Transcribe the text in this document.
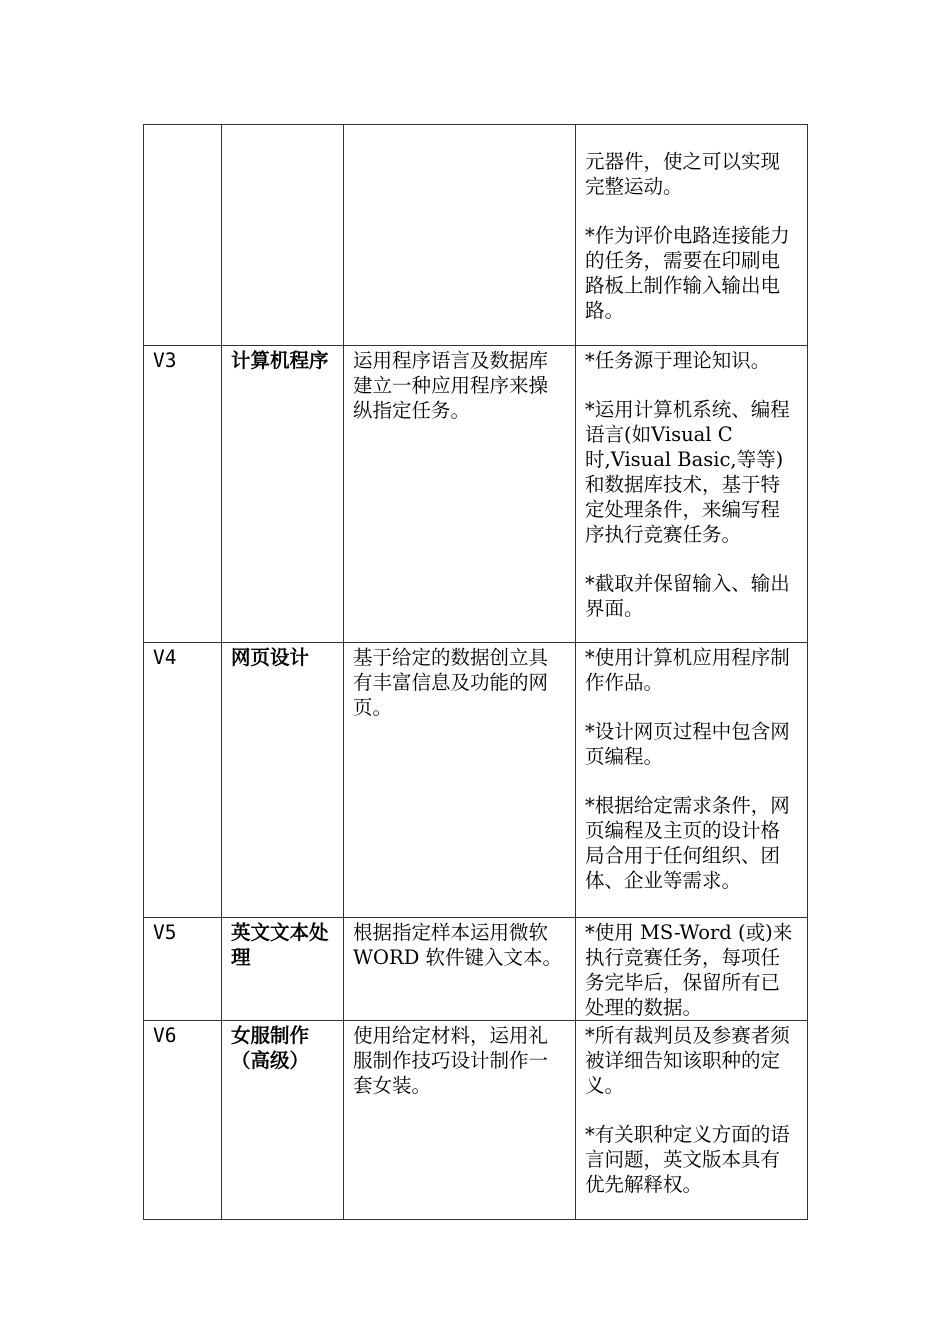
			元器件，使之可以实现完整运动。

*作为评价电路连接能力的任务，需要在印刷电路板上制作输入输出电路。

V3	计算机程序	运用程序语言及数据库建立一种应用程序来操纵指定任务。	*任务源于理论知识。

*运用计算机系统、编程语言(如Visual C 时,Visual Basic,等等)和数据库技术，基于特定处理条件，来编写程序执行竞赛任务。

*截取并保留输入、输出界面。

V4	网页设计	基于给定的数据创立具有丰富信息及功能的网页。	*使用计算机应用程序制作作品。

*设计网页过程中包含网页编程。

*根据给定需求条件，网页编程及主页的设计格局合用于任何组织、团体、企业等需求。

V5	英文文本处理	根据指定样本运用微软 WORD 软件键入文本。	*使用 MS-Word (或)来执行竞赛任务，每项任务完毕后，保留所有已处理的数据。

V6	女服制作（高级）	使用给定材料，运用礼服制作技巧设计制作一套女装。	*所有裁判员及参赛者须被详细告知该职种的定义。

*有关职种定义方面的语言问题，英文版本具有优先解释权。
